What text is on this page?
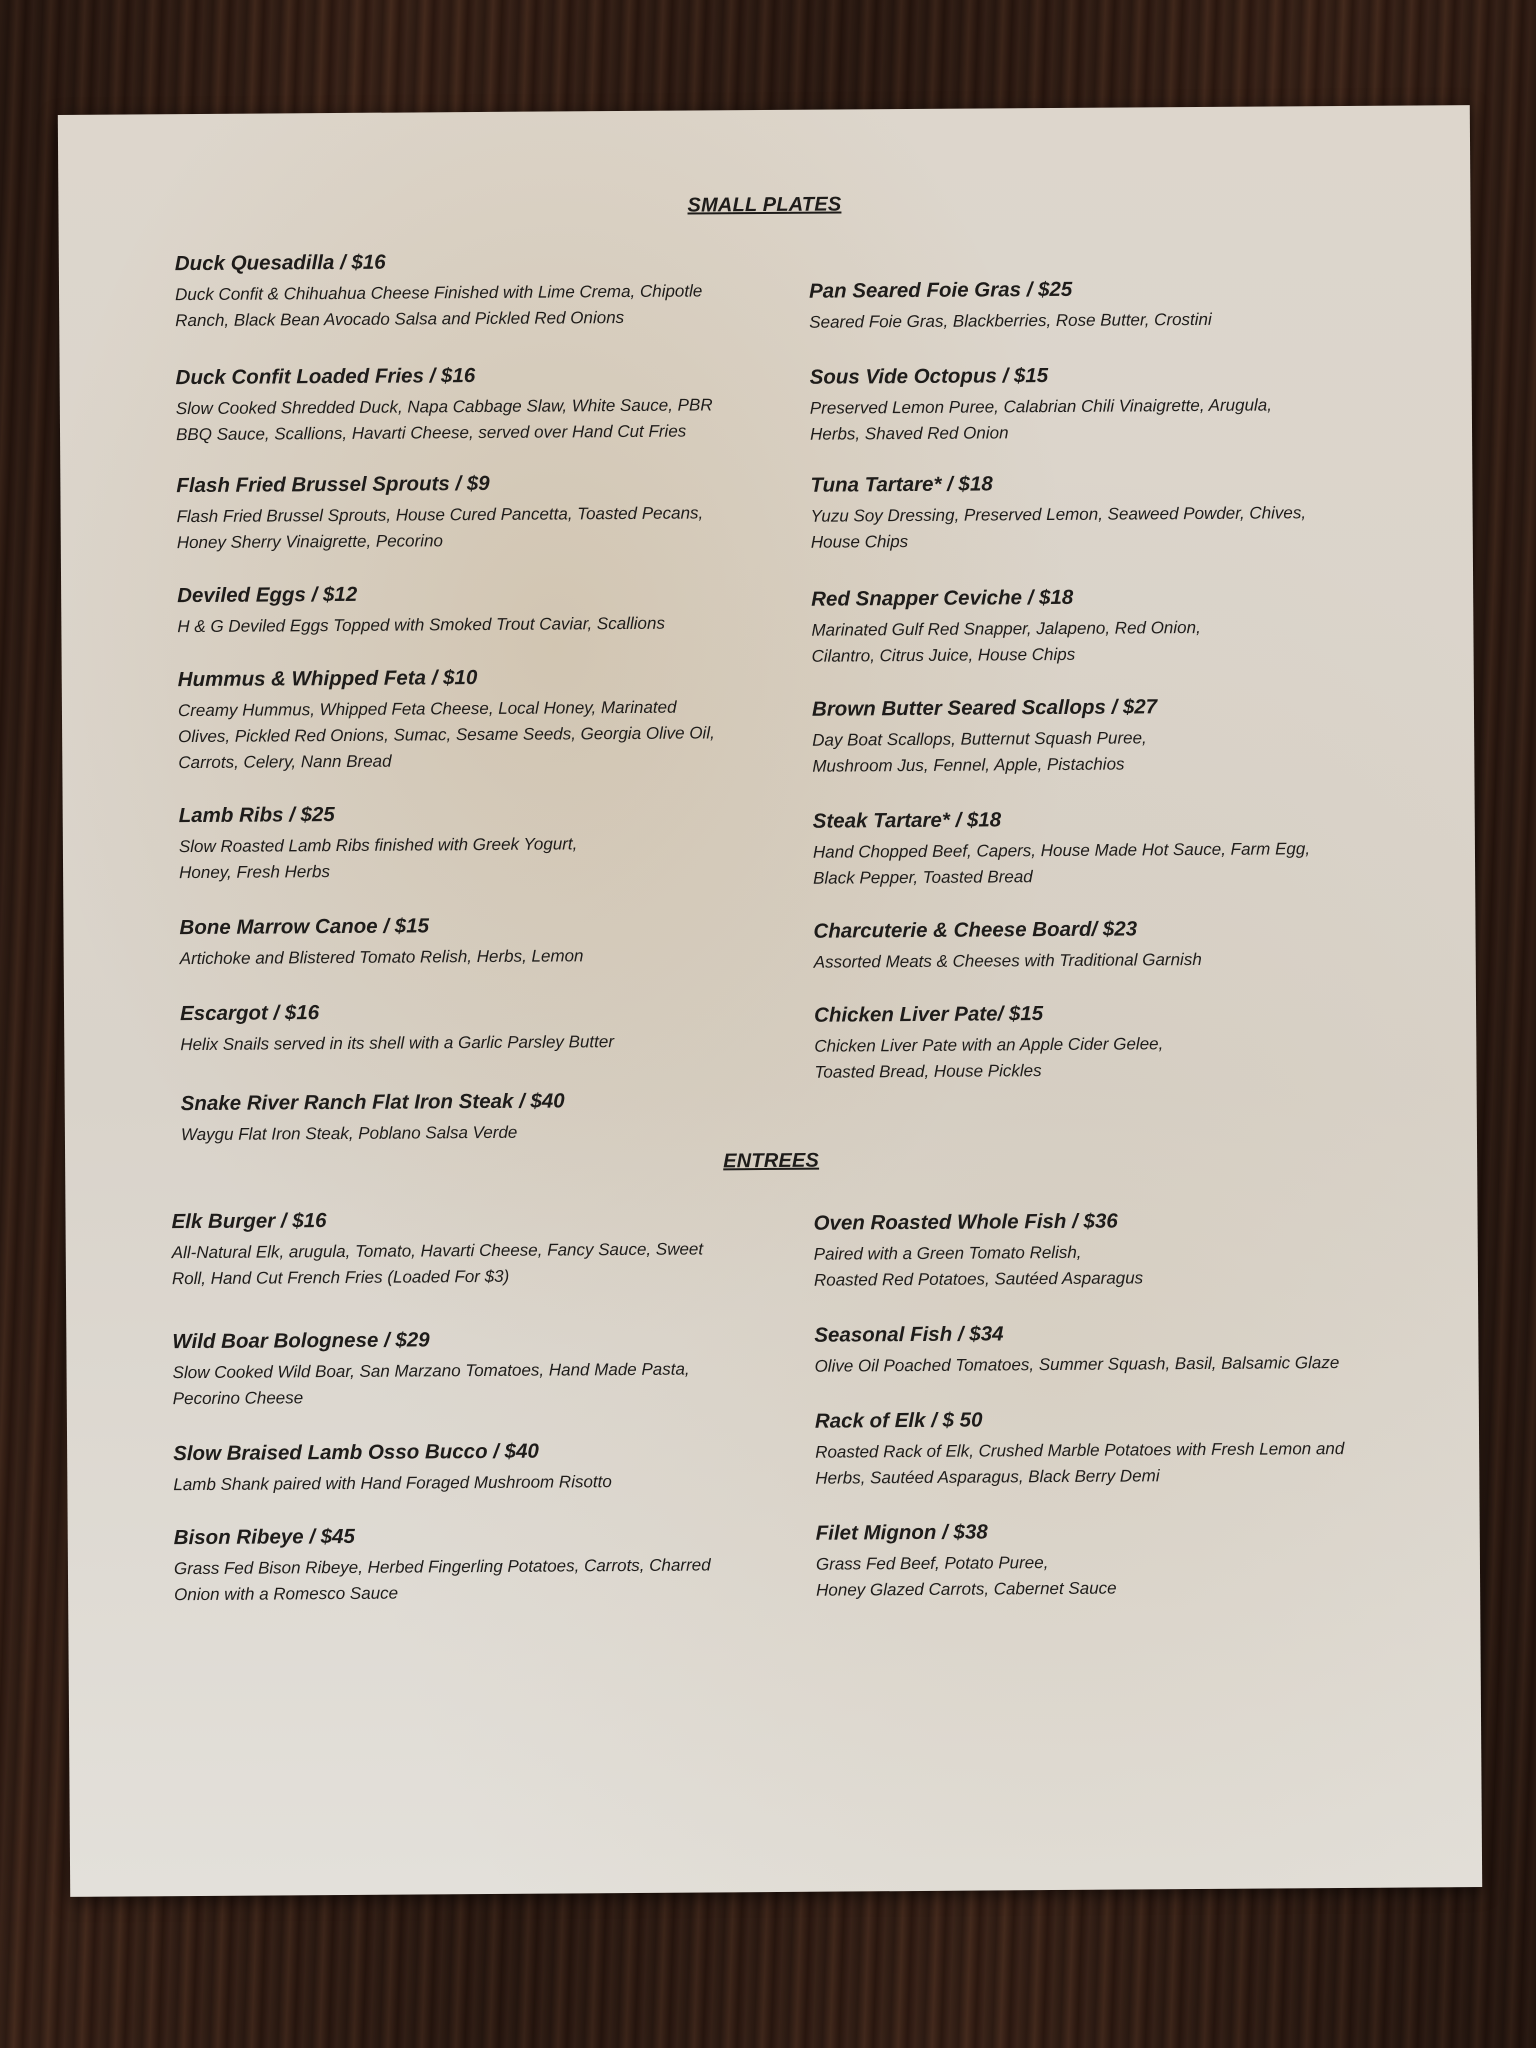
SMALL PLATES
Duck Quesadilla / $16
Duck Confit & Chihuahua Cheese Finished with Lime Crema, Chipotle
Ranch, Black Bean Avocado Salsa and Pickled Red Onions
Duck Confit Loaded Fries / $16
Slow Cooked Shredded Duck, Napa Cabbage Slaw, White Sauce, PBR
BBQ Sauce, Scallions, Havarti Cheese, served over Hand Cut Fries
Flash Fried Brussel Sprouts / $9
Flash Fried Brussel Sprouts, House Cured Pancetta, Toasted Pecans,
Honey Sherry Vinaigrette, Pecorino
Deviled Eggs / $12
H & G Deviled Eggs Topped with Smoked Trout Caviar, Scallions
Hummus & Whipped Feta / $10
Creamy Hummus, Whipped Feta Cheese, Local Honey, Marinated
Olives, Pickled Red Onions, Sumac, Sesame Seeds, Georgia Olive Oil,
Carrots, Celery, Nann Bread
Lamb Ribs / $25
Slow Roasted Lamb Ribs finished with Greek Yogurt,
Honey, Fresh Herbs
Bone Marrow Canoe / $15
Artichoke and Blistered Tomato Relish, Herbs, Lemon
Escargot / $16
Helix Snails served in its shell with a Garlic Parsley Butter
Snake River Ranch Flat Iron Steak / $40
Waygu Flat Iron Steak, Poblano Salsa Verde
Pan Seared Foie Gras / $25
Seared Foie Gras, Blackberries, Rose Butter, Crostini
Sous Vide Octopus / $15
Preserved Lemon Puree, Calabrian Chili Vinaigrette, Arugula,
Herbs, Shaved Red Onion
Tuna Tartare* / $18
Yuzu Soy Dressing, Preserved Lemon, Seaweed Powder, Chives,
House Chips
Red Snapper Ceviche / $18
Marinated Gulf Red Snapper, Jalapeno, Red Onion,
Cilantro, Citrus Juice, House Chips
Brown Butter Seared Scallops / $27
Day Boat Scallops, Butternut Squash Puree,
Mushroom Jus, Fennel, Apple, Pistachios
Steak Tartare* / $18
Hand Chopped Beef, Capers, House Made Hot Sauce, Farm Egg,
Black Pepper, Toasted Bread
Charcuterie & Cheese Board/ $23
Assorted Meats & Cheeses with Traditional Garnish
Chicken Liver Pate/ $15
Chicken Liver Pate with an Apple Cider Gelee,
Toasted Bread, House Pickles
ENTREES
Elk Burger / $16
All-Natural Elk, arugula, Tomato, Havarti Cheese, Fancy Sauce, Sweet
Roll, Hand Cut French Fries (Loaded For $3)
Wild Boar Bolognese / $29
Slow Cooked Wild Boar, San Marzano Tomatoes, Hand Made Pasta,
Pecorino Cheese
Slow Braised Lamb Osso Bucco / $40
Lamb Shank paired with Hand Foraged Mushroom Risotto
Bison Ribeye / $45
Grass Fed Bison Ribeye, Herbed Fingerling Potatoes, Carrots, Charred
Onion with a Romesco Sauce
Oven Roasted Whole Fish / $36
Paired with a Green Tomato Relish,
Roasted Red Potatoes, Sautéed Asparagus
Seasonal Fish / $34
Olive Oil Poached Tomatoes, Summer Squash, Basil, Balsamic Glaze
Rack of Elk / $ 50
Roasted Rack of Elk, Crushed Marble Potatoes with Fresh Lemon and
Herbs, Sautéed Asparagus, Black Berry Demi
Filet Mignon / $38
Grass Fed Beef, Potato Puree,
Honey Glazed Carrots, Cabernet Sauce
